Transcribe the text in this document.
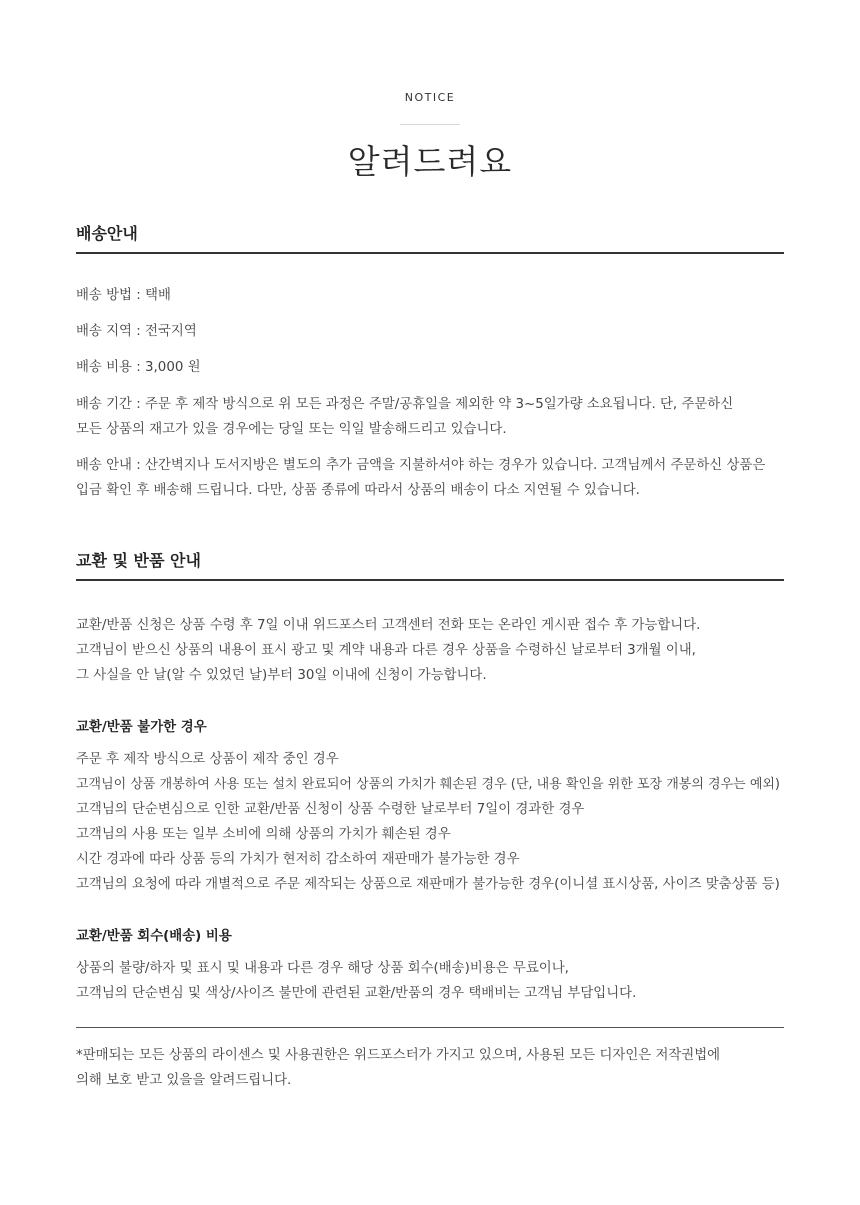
NOTICE
알려드려요
배송안내
배송 방법 : 택배
배송 지역 : 전국지역
배송 비용 : 3,000 원
배송 기간 : 주문 후 제작 방식으로 위 모든 과정은 주말/공휴일을 제외한 약 3~5일가량 소요됩니다. 단, 주문하신
모든 상품의 재고가 있을 경우에는 당일 또는 익일 발송해드리고 있습니다.
배송 안내 : 산간벽지나 도서지방은 별도의 추가 금액을 지불하셔야 하는 경우가 있습니다. 고객님께서 주문하신 상품은
입금 확인 후 배송해 드립니다. 다만, 상품 종류에 따라서 상품의 배송이 다소 지연될 수 있습니다.
교환 및 반품 안내
교환/반품 신청은 상품 수령 후 7일 이내 위드포스터 고객센터 전화 또는 온라인 게시판 접수 후 가능합니다.
고객님이 받으신 상품의 내용이 표시 광고 및 계약 내용과 다른 경우 상품을 수령하신 날로부터 3개월 이내,
그 사실을 안 날(알 수 있었던 날)부터 30일 이내에 신청이 가능합니다.
교환/반품 불가한 경우
주문 후 제작 방식으로 상품이 제작 중인 경우
고객님이 상품 개봉하여 사용 또는 설치 완료되어 상품의 가치가 훼손된 경우 (단, 내용 확인을 위한 포장 개봉의 경우는 예외)
고객님의 단순변심으로 인한 교환/반품 신청이 상품 수령한 날로부터 7일이 경과한 경우
고객님의 사용 또는 일부 소비에 의해 상품의 가치가 훼손된 경우
시간 경과에 따라 상품 등의 가치가 현저히 감소하여 재판매가 불가능한 경우
고객님의 요청에 따라 개별적으로 주문 제작되는 상품으로 재판매가 불가능한 경우(이니셜 표시상품, 사이즈 맞춤상품 등)
교환/반품 회수(배송) 비용
상품의 불량/하자 및 표시 및 내용과 다른 경우 해당 상품 회수(배송)비용은 무료이나,
고객님의 단순변심 및 색상/사이즈 불만에 관련된 교환/반품의 경우 택배비는 고객님 부담입니다.
*판매되는 모든 상품의 라이센스 및 사용권한은 위드포스터가 가지고 있으며, 사용된 모든 디자인은 저작권법에
의해 보호 받고 있을을 알려드립니다.
